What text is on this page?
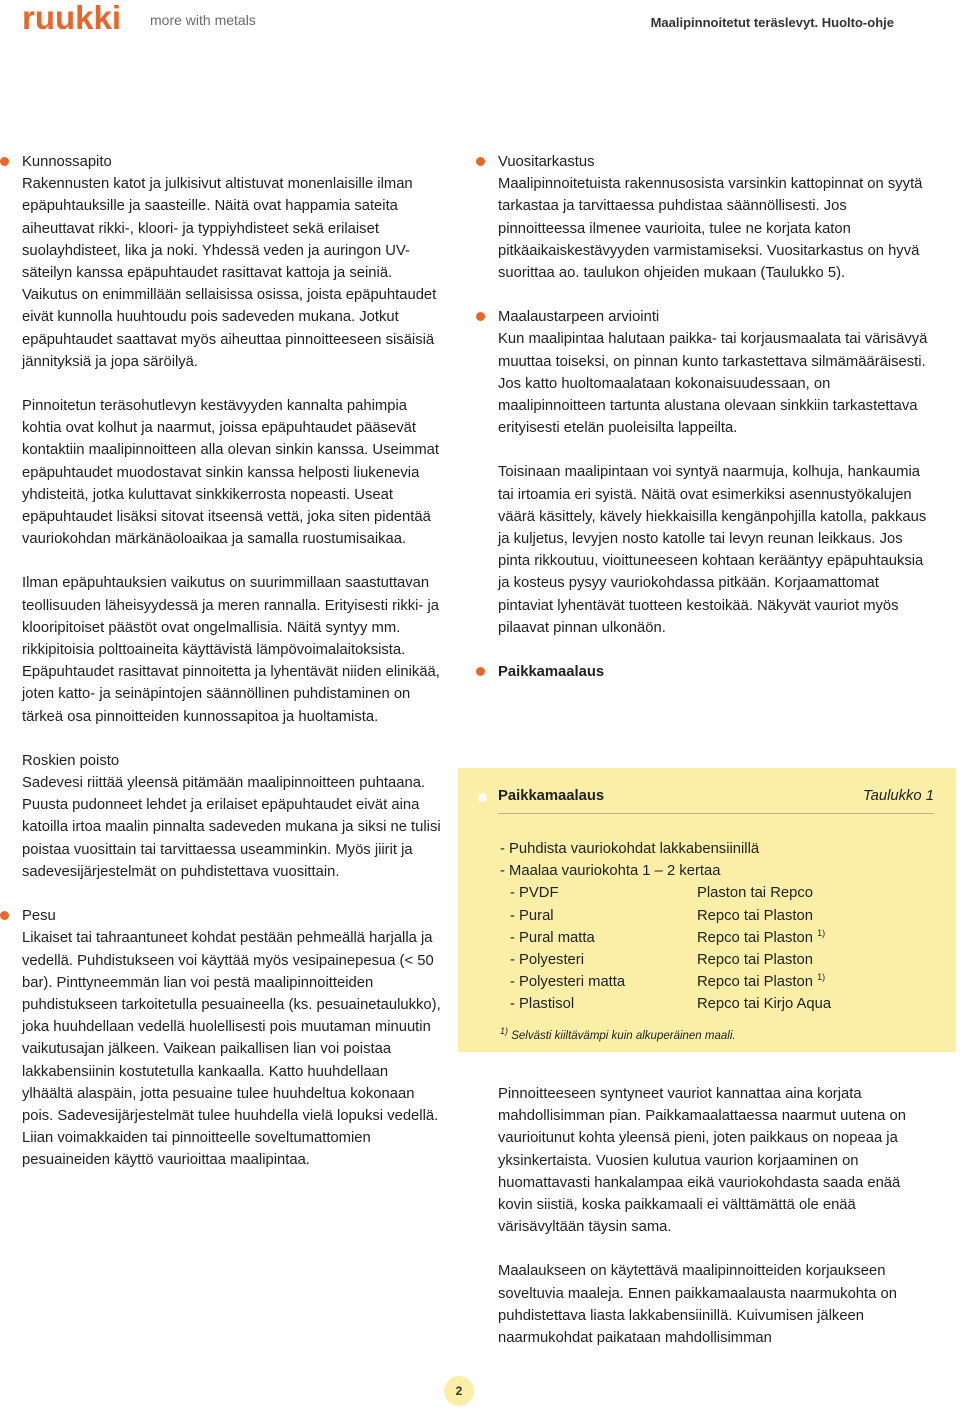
ruukki more with metals	Maalipinnoitetut teräslevyt. Huolto-ohje
Kunnossapito

Rakennusten katot ja julkisivut altistuvat monenlaisille ilman epäpuhtauksille ja saasteille. Näitä ovat happamia sateita aiheuttavat rikki-, kloori- ja typpiyhdisteet sekä erilaiset suolayhdisteet, lika ja noki. Yhdessä veden ja auringon UV-säteilyn kanssa epäpuhtaudet rasittavat kattoja ja seiniä. Vaikutus on enimmillään sellaisissa osissa, joista epäpuhtaudet eivät kunnolla huuhtoudu pois sadeveden mukana. Jotkut epäpuhtaudet saattavat myös aiheuttaa pinnoitteeseen sisäisiä jännityksiä ja jopa säröilyä.

Pinnoitetun teräsohutlevyn kestävyyden kannalta pahimpia kohtia ovat kolhut ja naarmut, joissa epäpuhtaudet pääsevät kontaktiin maalipinnoitteen alla olevan sinkin kanssa. Useimmat epäpuhtaudet muodostavat sinkin kanssa helposti liukenevia yhdisteitä, jotka kuluttavat sinkkikerrosta nopeasti. Useat epäpuhtaudet lisäksi sitovat itseensä vettä, joka siten pidentää vauriokohdan märkänäoloaikaa ja samalla ruostumisaikaa.

Ilman epäpuhtauksien vaikutus on suurimmillaan saastuttavan teollisuuden läheisyydessä ja meren rannalla. Erityisesti rikki- ja klooripitoiset päästöt ovat ongelmallisia. Näitä syntyy mm. rikkipitoisia polttoaineita käyttävistä lämpövoimalaitoksista. Epäpuhtaudet rasittavat pinnoitetta ja lyhentävät niiden elinikää, joten katto- ja seinäpintojen säännöllinen puhdistaminen on tärkeä osa pinnoitteiden kunnossapitoa ja huoltamista.

Roskien poisto

Sadevesi riittää yleensä pitämään maalipinnoitteen puhtaana. Puusta pudonneet lehdet ja erilaiset epäpuhtaudet eivät aina katoilla irtoa maalin pinnalta sadeveden mukana ja siksi ne tulisi poistaa vuosittain tai tarvittaessa useamminkin. Myös jiirit ja sadevesijärjestelmät on puhdistettava vuosittain.

Pesu

Likaiset tai tahraantuneet kohdat pestään pehmeällä harjalla ja vedellä. Puhdistukseen voi käyttää myös vesipainepesua (< 50 bar). Pinttyneemmän lian voi pestä maalipinnoitteiden puhdistukseen tarkoitetulla pesuaineella (ks. pesuainetaulukko), joka huuhdellaan vedellä huolellisesti pois muutaman minuutin vaikutusajan jälkeen. Vaikean paikallisen lian voi poistaa lakkabensiinin kostutetulla kankaalla. Katto huuhdellaan ylhäältä alaspäin, jotta pesuaine tulee huuhdeltua kokonaan pois. Sadevesijärjestelmät tulee huuhdella vielä lopuksi vedellä. Liian voimakkaiden tai pinnoitteelle soveltumattomien pesuaineiden käyttö vaurioittaa maalipintaa.

Vuositarkastus

Maalipinnoitetuista rakennusosista varsinkin kattopinnat on syytä tarkastaa ja tarvittaessa puhdistaa säännöllisesti. Jos pinnoitteessa ilmenee vaurioita, tulee ne korjata katon pitkäaikaiskestävyyden varmistamiseksi. Vuositarkastus on hyvä suorittaa ao. taulukon ohjeiden mukaan (Taulukko 5).

Maalaustarpeen arviointi

Kun maalipintaa halutaan paikka- tai korjausmaalata tai värisävyä muuttaa toiseksi, on pinnan kunto tarkastettava silmämääräisesti. Jos katto huoltomaalataan kokonaisuudessaan, on maalipinnoitteen tartunta alustana olevaan sinkkiin tarkastettava erityisesti etelän puoleisilta lappeilta.

Toisinaan maalipintaan voi syntyä naarmuja, kolhuja, hankaumia tai irtoamia eri syistä. Näitä ovat esimerkiksi asennustyökalujen väärä käsittely, kävely hiekkaisilla kengänpohjilla katolla, pakkaus ja kuljetus, levyjen nosto katolle tai levyn reunan leikkaus. Jos pinta rikkoutuu, vioittuneeseen kohtaan kerääntyy epäpuhtauksia ja kosteus pysyy vauriokohdassa pitkään. Korjaamattomat pintaviat lyhentävät tuotteen kestoikää. Näkyvät vauriot myös pilaavat pinnan ulkonäön.

Paikkamaalaus
Paikkamaalaus	Taulukko 1
- Puhdista vauriokohdat lakkabensiinillä
- Maalaa vauriokohta 1 – 2 kertaa
- PVDF	Plaston tai Repco
- Pural	Repco tai Plaston
- Pural matta	Repco tai Plaston $^{1)}$
- Polyesteri	Repco tai Plaston
- Polyesteri matta	Repco tai Plaston $^{1)}$
- Plastisol	Repco tai Kirjo Aqua
$^{1)}$ Selvästi kiiltävämpi kuin alkuperäinen maali.

Pinnoitteeseen syntyneet vauriot kannattaa aina korjata mahdollisimman pian. Paikkamaalattaessa naarmut uutena on vaurioitunut kohta yleensä pieni, joten paikkaus on nopeaa ja yksinkertaista. Vuosien kulutua vaurion korjaaminen on huomattavasti hankalampaa eikä vauriokohdasta saada enää kovin siistiä, koska paikkamaali ei välttämättä ole enää värisävyltään täysin sama.

Maalaukseen on käytettävä maalipinnoitteiden korjaukseen soveltuvia maaleja. Ennen paikkamaalausta naarmukohta on puhdistettava liasta lakkabensiinillä. Kuivumisen jälkeen naarmukohdat paikataan mahdollisimman

2
